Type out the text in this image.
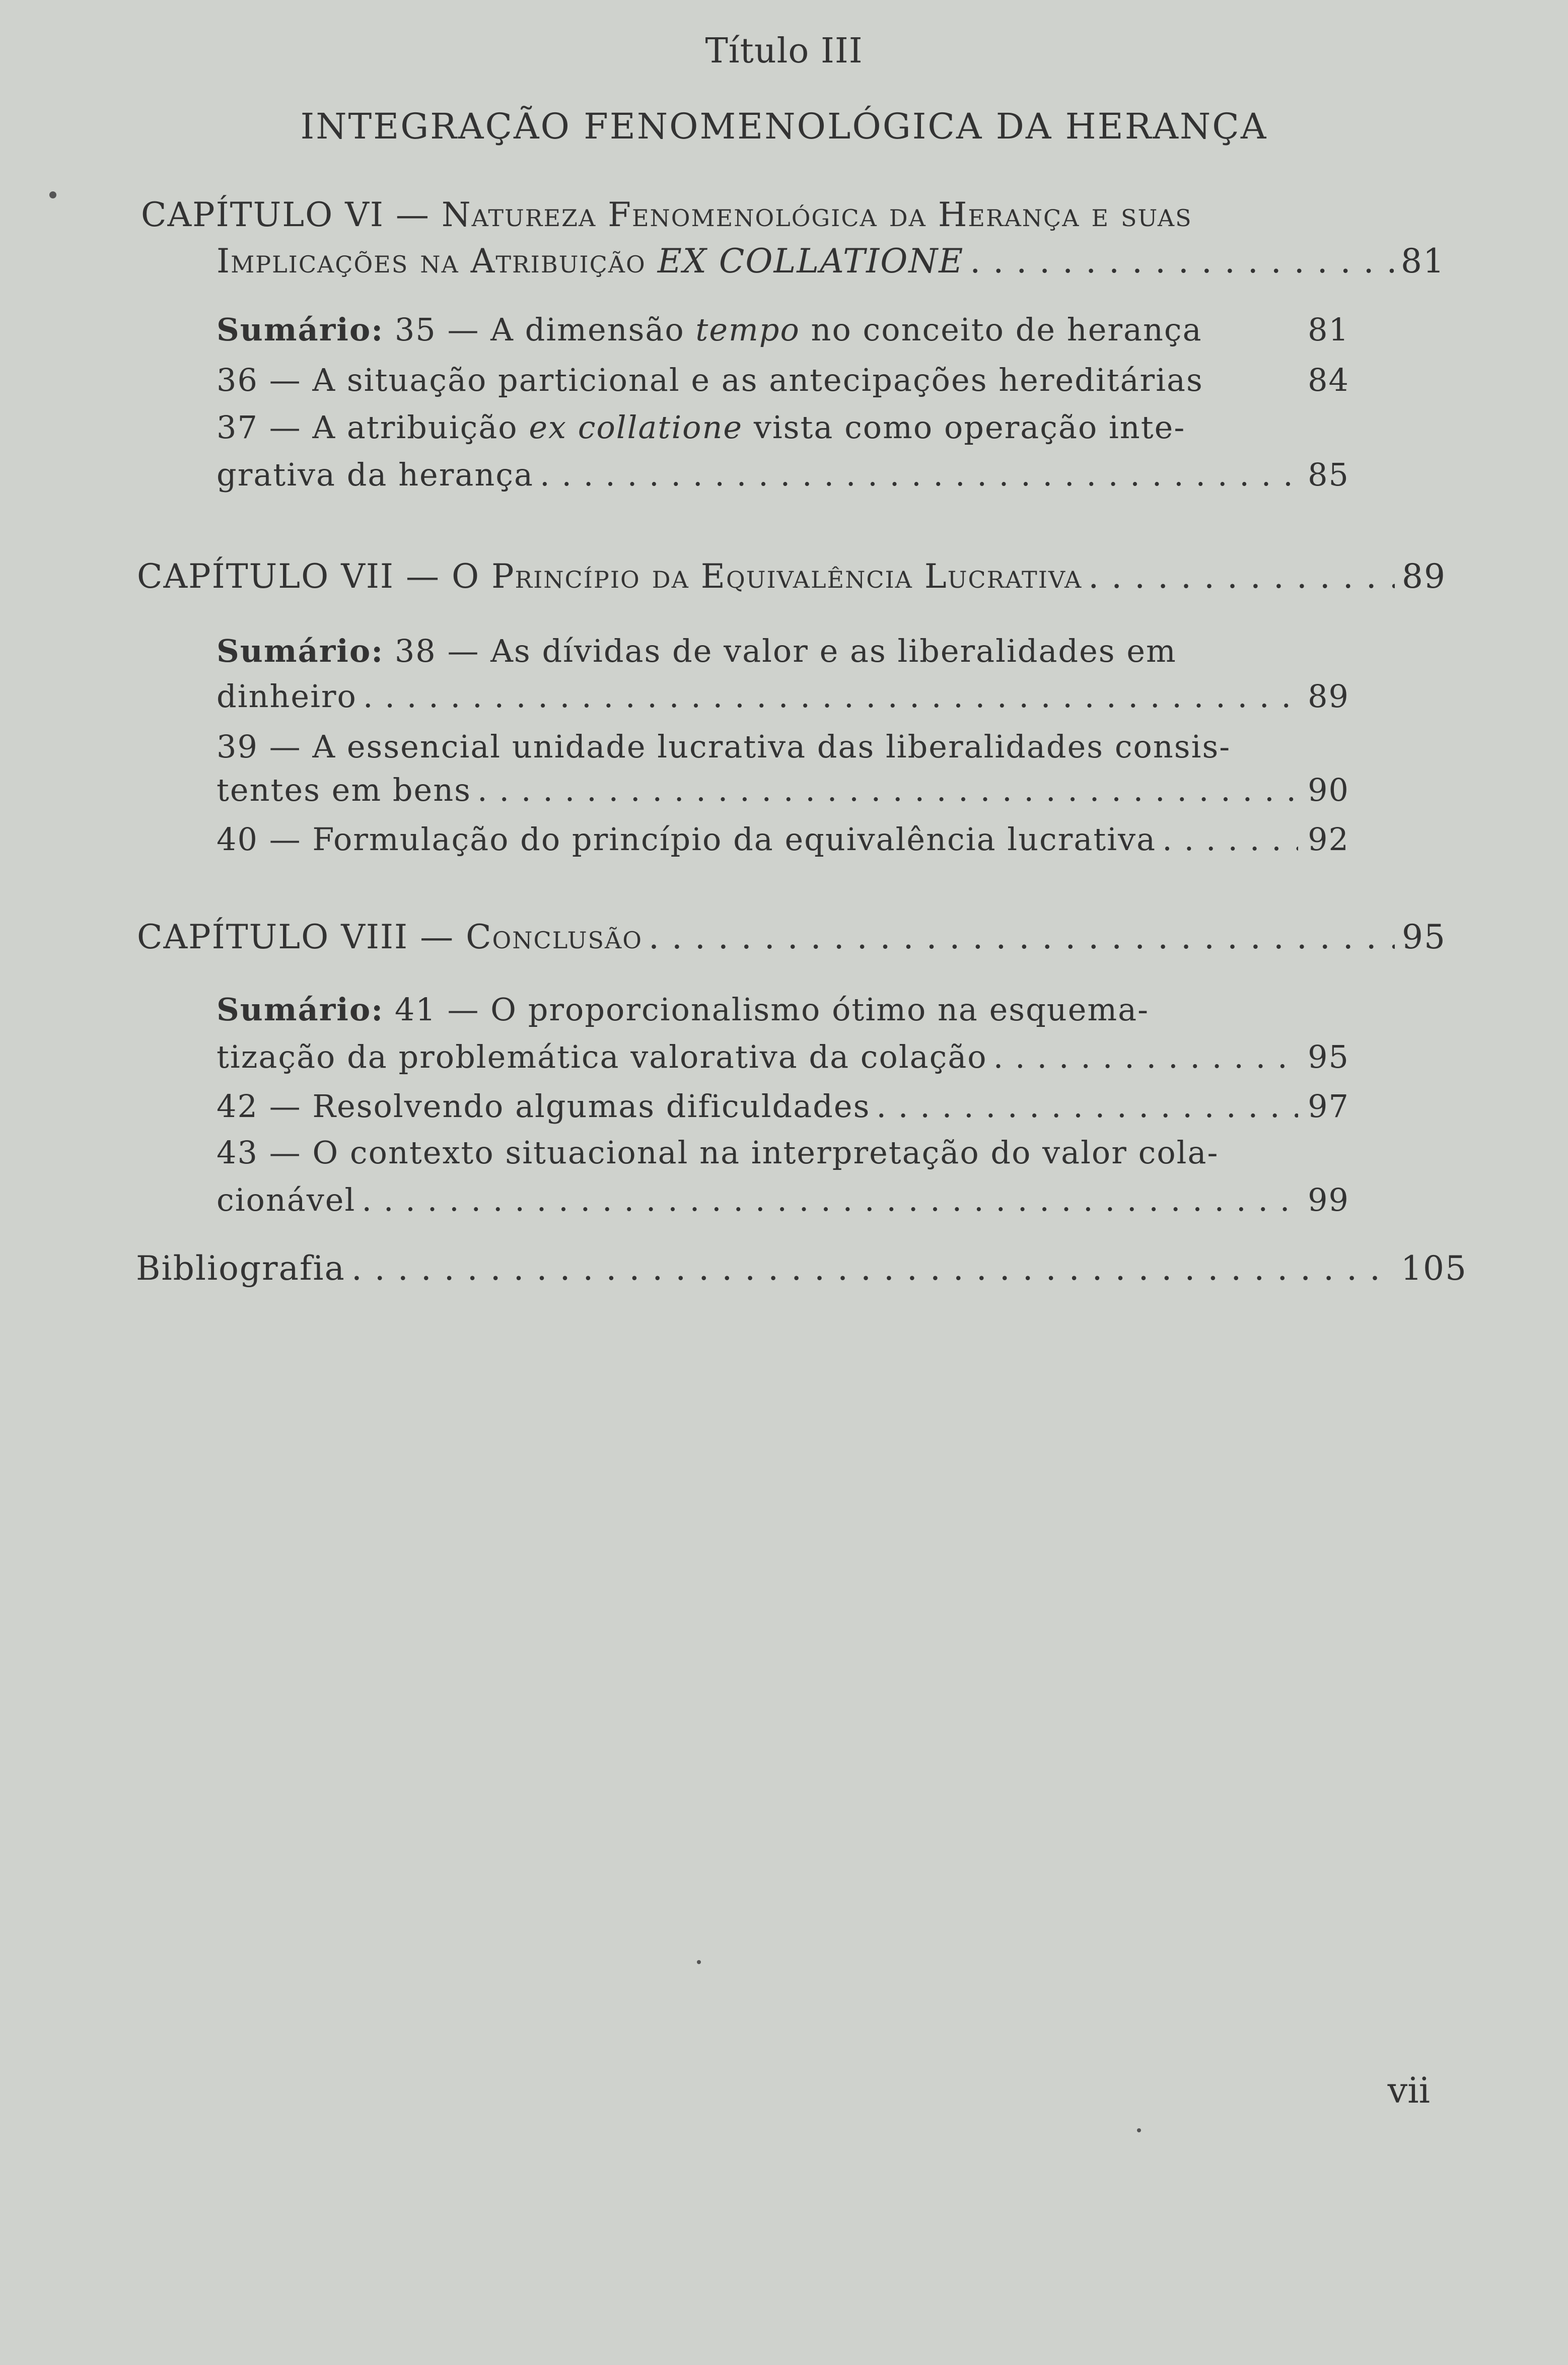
Título III
INTEGRAÇÃO FENOMENOLÓGICA DA HERANÇA
CAPÍTULO VI — Natureza Fenomenológica da Herança e suas
Implicações na Atribuição EX COLLATIONE . . .	81
Sumário: 35 — A dimensão tempo no conceito de herança	81
36 — A situação particional e as antecipações hereditárias	84
37 — A atribuição ex collatione vista como operação inte-
grativa da herança . . .	85
CAPÍTULO VII — O Princípio da Equivalência Lucrativa . . .	89
Sumário: 38 — As dívidas de valor e as liberalidades em
dinheiro . . .	89
39 — A essencial unidade lucrativa das liberalidades consis-
tentes em bens . . .	90
40 — Formulação do princípio da equivalência lucrativa . . .	92
CAPÍTULO VIII — Conclusão . . .	95
Sumário: 41 — O proporcionalismo ótimo na esquema-
tização da problemática valorativa da colação . . .	95
42 — Resolvendo algumas dificuldades . . .	97
43 — O contexto situacional na interpretação do valor cola-
cionável . . .	99
Bibliografia . . .	105
vii
